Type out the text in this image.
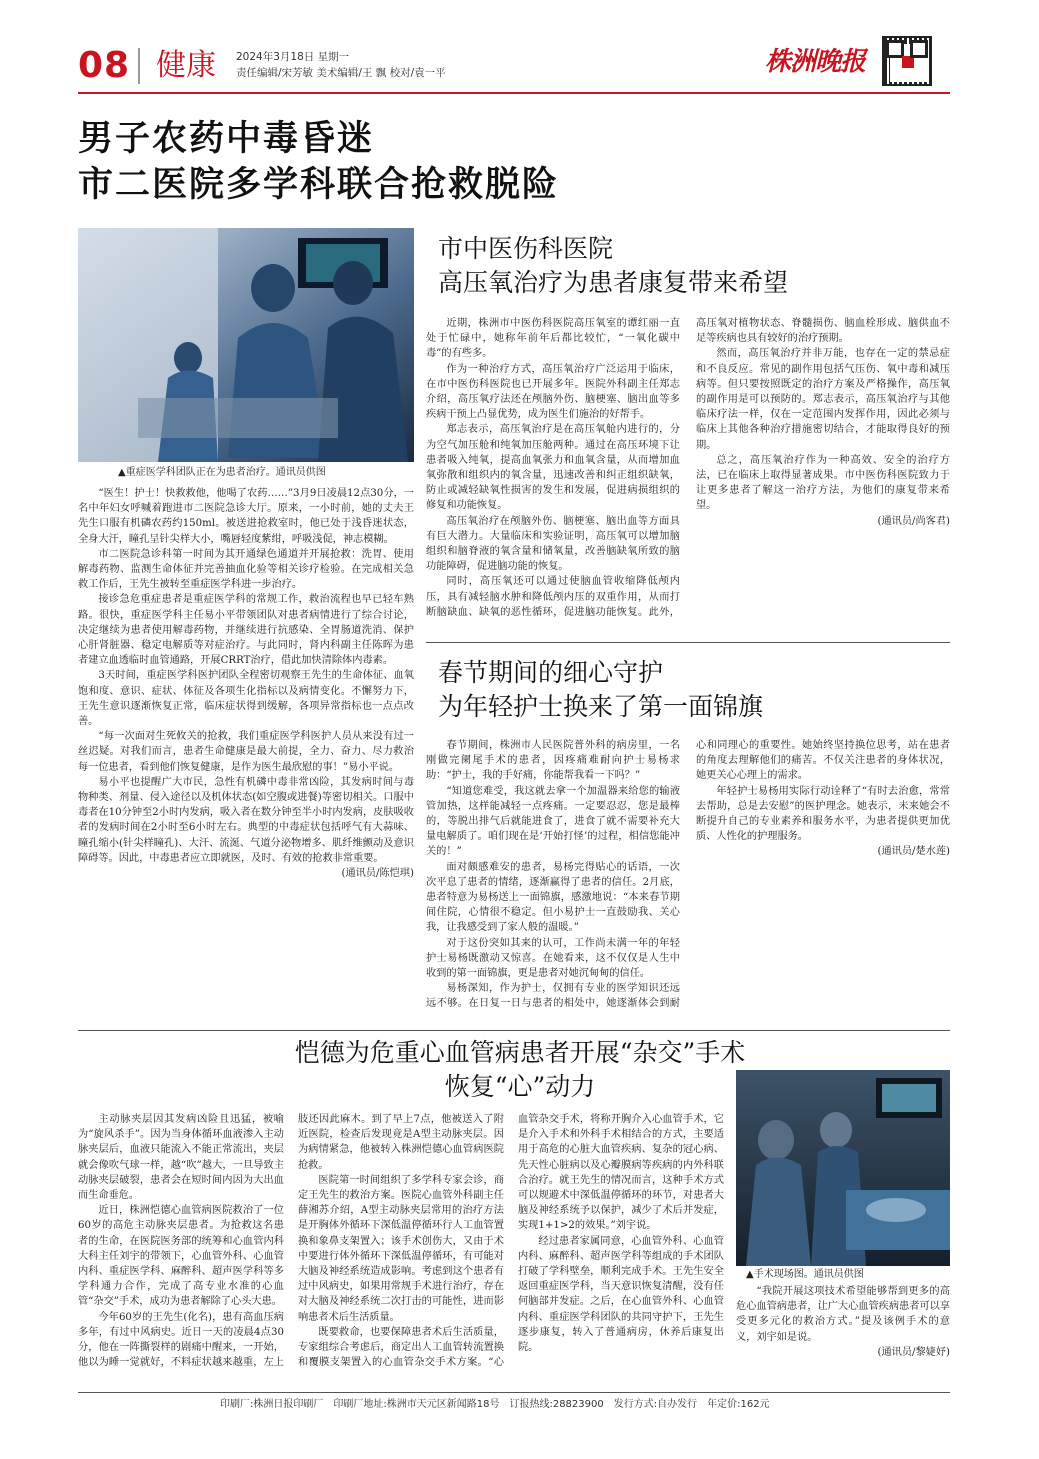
08 健康 2024年3月18日 星期一
责任编辑/宋芳敏 美术编辑/王 飘 校对/袁一平	株洲晚报
男子农药中毒昏迷
市二医院多学科联合抢救脱险
▲重症医学科团队正在为患者治疗。通讯员供图

“医生！护士！快救救他，他喝了农药……”3月9日凌晨12点30分，一名中年妇女呼喊着跑进市二医院急诊大厅。原来，一小时前，她的丈夫王先生口服有机磷农药约150ml。被送进抢救室时，他已处于浅昏迷状态，全身大汗，瞳孔呈针尖样大小，嘴唇轻度紫绀，呼吸浅促，神志模糊。

市二医院急诊科第一时间为其开通绿色通道并开展抢救：洗胃、使用解毒药物、监测生命体征并完善抽血化验等相关诊疗检验。在完成相关急救工作后，王先生被转至重症医学科进一步治疗。

接诊急危重症患者是重症医学科的常规工作，救治流程也早已轻车熟路。很快，重症医学科主任易小平带领团队对患者病情进行了综合讨论，决定继续为患者使用解毒药物，并继续进行抗感染、全胃肠道洗消、保护心肝肾脏器、稳定电解质等对症治疗。与此同时，肾内科副主任陈晖为患者建立血透临时血管通路，开展CRRT治疗，借此加快清除体内毒素。

3天时间，重症医学科医护团队全程密切观察王先生的生命体征、血氧饱和度、意识、症状、体征及各项生化指标以及病情变化。不懈努力下，王先生意识逐渐恢复正常，临床症状得到缓解，各项异常指标也一点点改善。

“每一次面对生死攸关的抢救，我们重症医学科医护人员从来没有过一丝迟疑。对我们而言，患者生命健康是最大前提，全力、奋力、尽力救治每一位患者，看到他们恢复健康，是作为医生最欣慰的事！”易小平说。

易小平也提醒广大市民，急性有机磷中毒非常凶险，其发病时间与毒物种类、剂量、侵入途径以及机体状态(如空腹或进餐)等密切相关。口服中毒者在10分钟至2小时内发病，吸入者在数分钟至半小时内发病，皮肤吸收者的发病时间在2小时至6小时左右。典型的中毒症状包括呼气有大蒜味、瞳孔缩小(针尖样瞳孔)、大汗、流涎、气道分泌物增多、肌纤维颤动及意识障碍等。因此，中毒患者应立即就医，及时、有效的抢救非常重要。

(通讯员/陈恺琪)
市中医伤科医院
高压氧治疗为患者康复带来希望

近期，株洲市中医伤科医院高压氧室的谭红丽一直处于忙碌中，她称年前年后都比较忙，“一氧化碳中毒”的有些多。

作为一种治疗方式，高压氧治疗广泛运用于临床，在市中医伤科医院也已开展多年。医院外科副主任郑志介绍，高压氧疗法还在颅脑外伤、脑梗塞、脑出血等多疾病干预上凸显优势，成为医生们施治的好帮手。

郑志表示，高压氧治疗是在高压氧舱内进行的，分为空气加压舱和纯氧加压舱两种。通过在高压环境下让患者吸入纯氧，提高血氧张力和血氧含量，从而增加血氧弥散和组织内的氧含量，迅速改善和纠正组织缺氧，防止或减轻缺氧性损害的发生和发展，促进病损组织的修复和功能恢复。

高压氧治疗在颅脑外伤、脑梗塞、脑出血等方面具有巨大潜力。大量临床和实验证明，高压氧可以增加脑组织和脑脊液的氧含量和储氧量，改善脑缺氧所致的脑功能障碍，促进脑功能的恢复。

同时，高压氧还可以通过使脑血管收缩降低颅内压，具有减轻脑水肿和降低颅内压的双重作用，从而打断脑缺血、缺氧的恶性循环，促进脑功能恢复。此外，高压氧对植物状态、脊髓损伤、脑血栓形成、脑供血不足等疾病也具有较好的治疗预期。

然而，高压氧治疗并非万能，也存在一定的禁忌症和不良反应。常见的副作用包括气压伤、氧中毒和减压病等。但只要按照既定的治疗方案及严格操作，高压氧的副作用是可以预防的。郑志表示，高压氧治疗与其他临床疗法一样，仅在一定范围内发挥作用，因此必须与临床上其他各种治疗措施密切结合，才能取得良好的预期。

总之，高压氧治疗作为一种高效、安全的治疗方法，已在临床上取得显著成果。市中医伤科医院致力于让更多患者了解这一治疗方法，为他们的康复带来希望。

(通讯员/尚客君)
春节期间的细心守护
为年轻护士换来了第一面锦旗

春节期间，株洲市人民医院普外科的病房里，一名刚做完阑尾手术的患者，因疼痛难耐向护士易杨求助：“护士，我的手好痛，你能帮我看一下吗？”

“知道您难受，我这就去拿一个加温器来给您的输液管加热，这样能减轻一点疼痛。一定要忍忍，您是最棒的，等脱出排气后就能进食了，进食了就不需要补充大量电解质了。咱们现在是‘开始打怪’的过程，相信您能冲关的！”

面对颇感难安的患者，易杨完得贴心的话语，一次次平息了患者的情绪，逐渐赢得了患者的信任。2月底，患者特意为易杨送上一面锦旗，感激地说：“本来春节期间住院，心情很不稳定。但小易护士一直鼓励我、关心我，让我感受到了家人般的温暖。”

对于这份突如其来的认可，工作尚未满一年的年轻护士易杨既激动又惊喜。在她看来，这不仅仅是人生中收到的第一面锦旗，更是患者对她沉甸甸的信任。

易杨深知，作为护士，仅拥有专业的医学知识还远远不够。在日复一日与患者的相处中，她逐渐体会到耐心和同理心的重要性。她始终坚持换位思考，站在患者的角度去理解他们的痛苦。不仅关注患者的身体状况，她更关心心理上的需求。

年轻护士易杨用实际行动诠释了“有时去治愈，常常去帮助，总是去安慰”的医护理念。她表示，未来她会不断提升自己的专业素养和服务水平，为患者提供更加优质、人性化的护理服务。

(通讯员/楚水莲)
恺德为危重心血管病患者开展“杂交”手术
恢复“心”动力

主动脉夹层因其发病凶险且迅猛，被喻为“旋风杀手”。因为当身体循环血液渗入主动脉夹层后，血液只能流入不能正常流出，夹层就会像吹气球一样，越“吹”越大，一旦导致主动脉夹层破裂，患者会在短时间内因为大出血而生命垂危。

近日，株洲恺德心血管病医院救治了一位60岁的高危主动脉夹层患者。为抢救这名患者的生命，在医院医务部的统筹和心血管内科大科主任刘宇的带领下，心血管外科、心血管内科、重症医学科、麻醉科、超声医学科等多学科通力合作，完成了高专业水准的心血管“杂交”手术，成功为患者解除了心头大患。

今年60岁的王先生(化名)，患有高血压病多年，有过中风病史。近日一天的凌晨4点30分，他在一阵撕裂样的剧痛中醒来，一开始，他以为睡一觉就好，不料症状越来越重，左上肢还因此麻木。到了早上7点，他被送入了附近医院，检查后发现竟是A型主动脉夹层。因为病情紧急，他被转入株洲恺德心血管病医院抢救。

医院第一时间组织了多学科专家会诊，商定王先生的救治方案。医院心血管外科副主任薛湘苏介绍，A型主动脉夹层常用的治疗方法是开胸体外循环下深低温停循环行人工血管置换和象鼻支架置入；该手术创伤大，又由于术中要进行体外循环下深低温停循环，有可能对大脑及神经系统造成影响。考虑到这个患者有过中风病史，如果用常规手术进行治疗，存在对大脑及神经系统二次打击的可能性，进而影响患者术后生活质量。

既要救命，也要保障患者术后生活质量，专家组综合考虑后，商定出人工血管转流置换和覆膜支架置入的心血管杂交手术方案。“心血管杂交手术，将称开胸介入心血管手术，它是介入手术和外科手术相结合的方式，主要适用于高危的心脏大血管疾病、复杂的冠心病、先天性心脏病以及心瓣膜病等疾病的内外科联合治疗。就王先生的情况而言，这种手术方式可以规避术中深低温停循环的环节，对患者大脑及神经系统予以保护，减少了术后并发症，实现1+1>2的效果。”刘宇说。

经过患者家属同意，心血管外科、心血管内科、麻醉科、超声医学科等组成的手术团队打破了学科壁垒，顺利完成手术。王先生安全返回重症医学科，当天意识恢复清醒，没有任何脑部并发症。之后，在心血管外科、心血管内科、重症医学科团队的共同守护下，王先生逐步康复，转入了普通病房，休养后康复出院。

▲手术现场图。通讯员供图

“我院开展这项技术希望能够帮到更多的高危心血管病患者，让广大心血管疾病患者可以享受更多元化的救治方式。”提及该例手术的意义，刘宇如是说。

(通讯员/黎婕妤)
印刷厂:株洲日报印刷厂　印刷厂地址:株洲市天元区新闻路18号　订报热线:28823900　发行方式:自办发行　年定价:162元
